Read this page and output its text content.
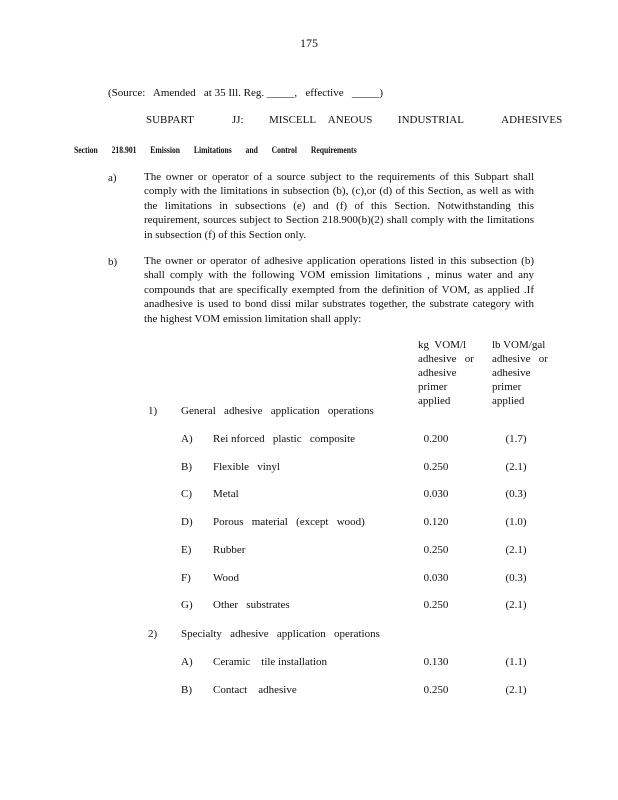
175
(Source:   Amended   at 35 Ill. Reg. _____,   effective   _____)
SUBPART   JJ:  MISCELL ANEOUS  INDUSTRIAL   ADHESIVES
Section 218.901 Emission Limitations and Control Requirements
a) The owner or operator of a source subject to the requirements of this Subpart shall comply with the limitations in subsection (b), (c),or (d) of this Section, as well as with the limitations in subsections (e) and (f) of this Section. Notwithstanding this requirement, sources subject to Section 218.900(b)(2) shall comply with the limitations in subsection (f) of this Section only.
b) The owner or operator of adhesive application operations listed in this subsection (b) shall comply with the following VOM emission limitations , minus water and any compounds that are specifically exempted from the definition of VOM, as applied .If anadhesive is used to bond dissi milar substrates together, the substrate category with the highest VOM emission limitation shall apply:
kg  VOM/l
adhesive   or
adhesive
primer
applied
lb VOM/gal
adhesive   or
adhesive
primer
applied
1) General   adhesive   application   operations
A) Rei nforced   plastic   composite	0.200	(1.7)
B) Flexible   vinyl	0.250	(2.1)
C) Metal	0.030	(0.3)
D) Porous   material   (except   wood)	0.120	(1.0)
E) Rubber	0.250	(2.1)
F) Wood	0.030	(0.3)
G) Other   substrates	0.250	(2.1)
2) Specialty   adhesive   application   operations
A) Ceramic    tile installation	0.130	(1.1)
B) Contact    adhesive	0.250	(2.1)
